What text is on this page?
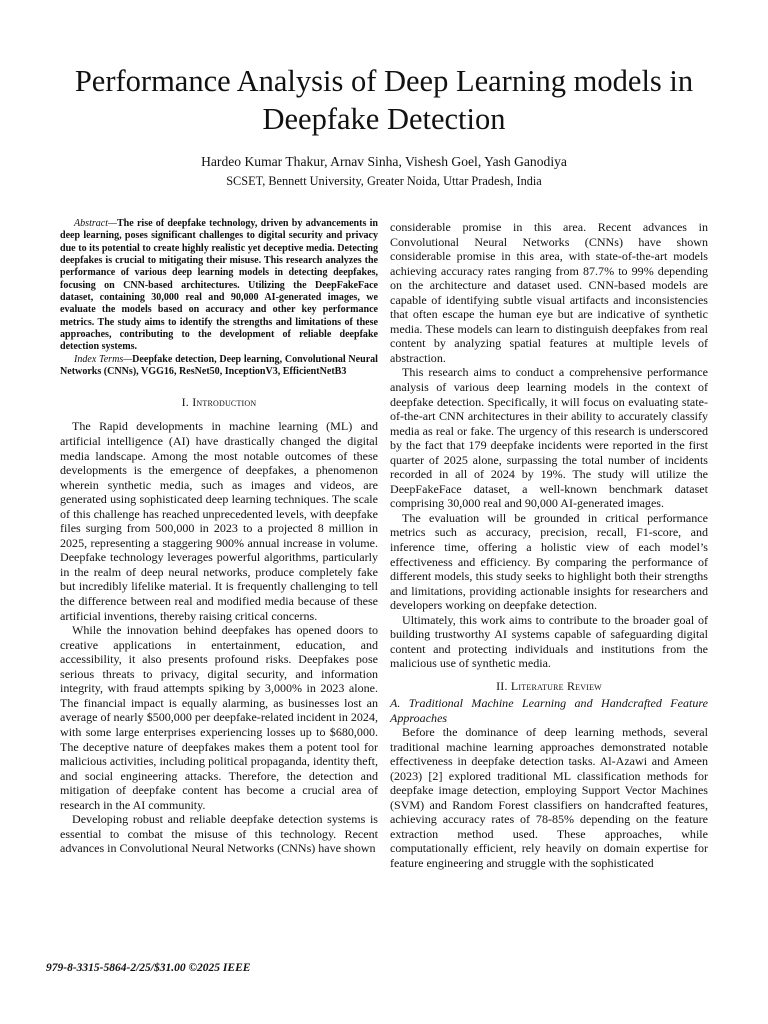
Performance Analysis of Deep Learning models in
Deepfake Detection
Hardeo Kumar Thakur, Arnav Sinha, Vishesh Goel, Yash Ganodiya
SCSET, Bennett University, Greater Noida, Uttar Pradesh, India

Abstract—The rise of deepfake technology, driven by advancements in deep learning, poses significant challenges to digital security and privacy due to its potential to create highly realistic yet deceptive media. Detecting deepfakes is crucial to mitigating their misuse. This research analyzes the performance of various deep learning models in detecting deepfakes, focusing on CNN-based architectures. Utilizing the DeepFakeFace dataset, containing 30,000 real and 90,000 AI-generated images, we evaluate the models based on accuracy and other key performance metrics. The study aims to identify the strengths and limitations of these approaches, contributing to the development of reliable deepfake detection systems.

Index Terms—Deepfake detection, Deep learning, Convolutional Neural Networks (CNNs), VGG16, ResNet50, InceptionV3, EfficientNetB3

I. Introduction

The Rapid developments in machine learning (ML) and artificial intelligence (AI) have drastically changed the digital media landscape. Among the most notable outcomes of these developments is the emergence of deepfakes, a phenomenon wherein synthetic media, such as images and videos, are generated using sophisticated deep learning techniques. The scale of this challenge has reached unprecedented levels, with deepfake files surging from 500,000 in 2023 to a projected 8 million in 2025, representing a staggering 900% annual increase in volume. Deepfake technology leverages powerful algorithms, particularly in the realm of deep neural networks, produce completely fake but incredibly lifelike material. It is frequently challenging to tell the difference between real and modified media because of these artificial inventions, thereby raising critical concerns.

While the innovation behind deepfakes has opened doors to creative applications in entertainment, education, and accessibility, it also presents profound risks. Deepfakes pose serious threats to privacy, digital security, and information integrity, with fraud attempts spiking by 3,000% in 2023 alone. The financial impact is equally alarming, as businesses lost an average of nearly $500,000 per deepfake-related incident in 2024, with some large enterprises experiencing losses up to $680,000. The deceptive nature of deepfakes makes them a potent tool for malicious activities, including political propaganda, identity theft, and social engineering attacks. Therefore, the detection and mitigation of deepfake content has become a crucial area of research in the AI community.

Developing robust and reliable deepfake detection systems is essential to combat the misuse of this technology. Recent advances in Convolutional Neural Networks (CNNs) have shown

considerable promise in this area. Recent advances in Convolutional Neural Networks (CNNs) have shown considerable promise in this area, with state-of-the-art models achieving accuracy rates ranging from 87.7% to 99% depending on the architecture and dataset used. CNN-based models are capable of identifying subtle visual artifacts and inconsistencies that often escape the human eye but are indicative of synthetic media. These models can learn to distinguish deepfakes from real content by analyzing spatial features at multiple levels of abstraction.

This research aims to conduct a comprehensive performance analysis of various deep learning models in the context of deepfake detection. Specifically, it will focus on evaluating state-of-the-art CNN architectures in their ability to accurately classify media as real or fake. The urgency of this research is underscored by the fact that 179 deepfake incidents were reported in the first quarter of 2025 alone, surpassing the total number of incidents recorded in all of 2024 by 19%. The study will utilize the DeepFakeFace dataset, a well-known benchmark dataset comprising 30,000 real and 90,000 AI-generated images.

The evaluation will be grounded in critical performance metrics such as accuracy, precision, recall, F1-score, and inference time, offering a holistic view of each model’s effectiveness and efficiency. By comparing the performance of different models, this study seeks to highlight both their strengths and limitations, providing actionable insights for researchers and developers working on deepfake detection.

Ultimately, this work aims to contribute to the broader goal of building trustworthy AI systems capable of safeguarding digital content and protecting individuals and institutions from the malicious use of synthetic media.

II. Literature Review

A. Traditional Machine Learning and Handcrafted Feature Approaches

Before the dominance of deep learning methods, several traditional machine learning approaches demonstrated notable effectiveness in deepfake detection tasks. Al-Azawi and Ameen (2023) [2] explored traditional ML classification methods for deepfake image detection, employing Support Vector Machines (SVM) and Random Forest classifiers on handcrafted features, achieving accuracy rates of 78-85% depending on the feature extraction method used. These approaches, while computationally efficient, rely heavily on domain expertise for feature engineering and struggle with the sophisticated

979-8-3315-5864-2/25/$31.00 ©2025 IEEE
